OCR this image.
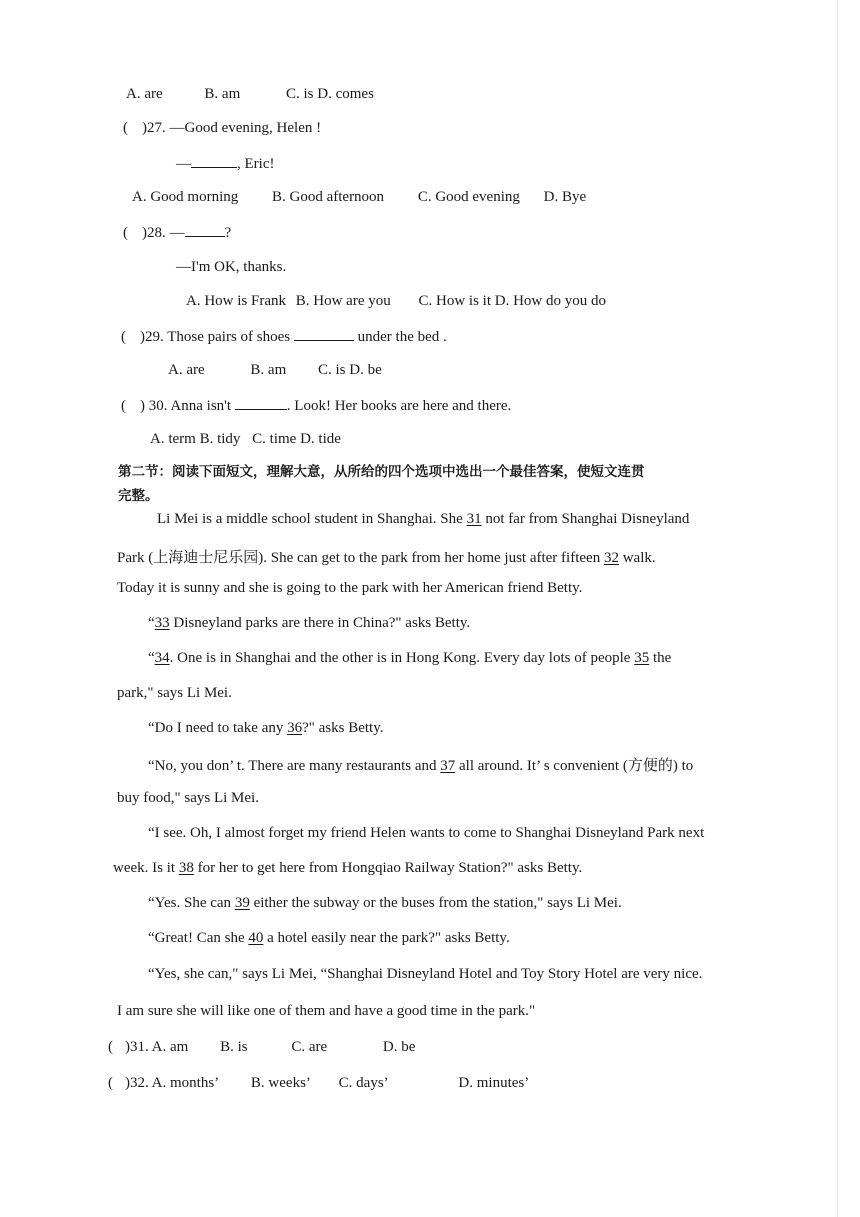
A. are	B. am	C. is D. comes
( )27. —Good evening, Helen !
—	, Eric!
A. Good morning B. Good afternoon C. Good evening D. Bye
( )28. —	?
—I'm OK, thanks.
A. How is Frank B. How are you C. How is it D. How do you do
( )29. Those pairs of shoes	under the bed .
A. are	B. am C. is D. be
( ) 30. Anna isn't	. Look! Her books are here and there.
A. term B. tidy C. time D. tide
第二节：阅读下面短文，理解大意，从所给的四个选项中选出一个最佳答案，使短文连贯
完整。
Li Mei is a middle school student in Shanghai. She 31 not far from Shanghai Disneyland
Park (上海迪士尼乐园). She can get to the park from her home just after fifteen 32 walk.
Today it is sunny and she is going to the park with her American friend Betty.
“33 Disneyland parks are there in China?" asks Betty.
“34. One is in Shanghai and the other is in Hong Kong. Every day lots of people 35 the
park," says Li Mei.
“Do I need to take any 36?" asks Betty.
“No, you don’ t. There are many restaurants and 37 all around. It’ s convenient (方便的) to
buy food," says Li Mei.
“I see. Oh, I almost forget my friend Helen wants to come to Shanghai Disneyland Park next
week. Is it 38 for her to get here from Hongqiao Railway Station?" asks Betty.
“Yes. She can 39 either the subway or the buses from the station," says Li Mei.
“Great! Can she 40 a hotel easily near the park?" asks Betty.
“Yes, she can," says Li Mei, “Shanghai Disneyland Hotel and Toy Story Hotel are very nice.
I am sure she will like one of them and have a good time in the park."
( )31. A. am B. is	C. are	D. be
( )32. A. months’ B. weeks’ C. days’	D. minutes’
